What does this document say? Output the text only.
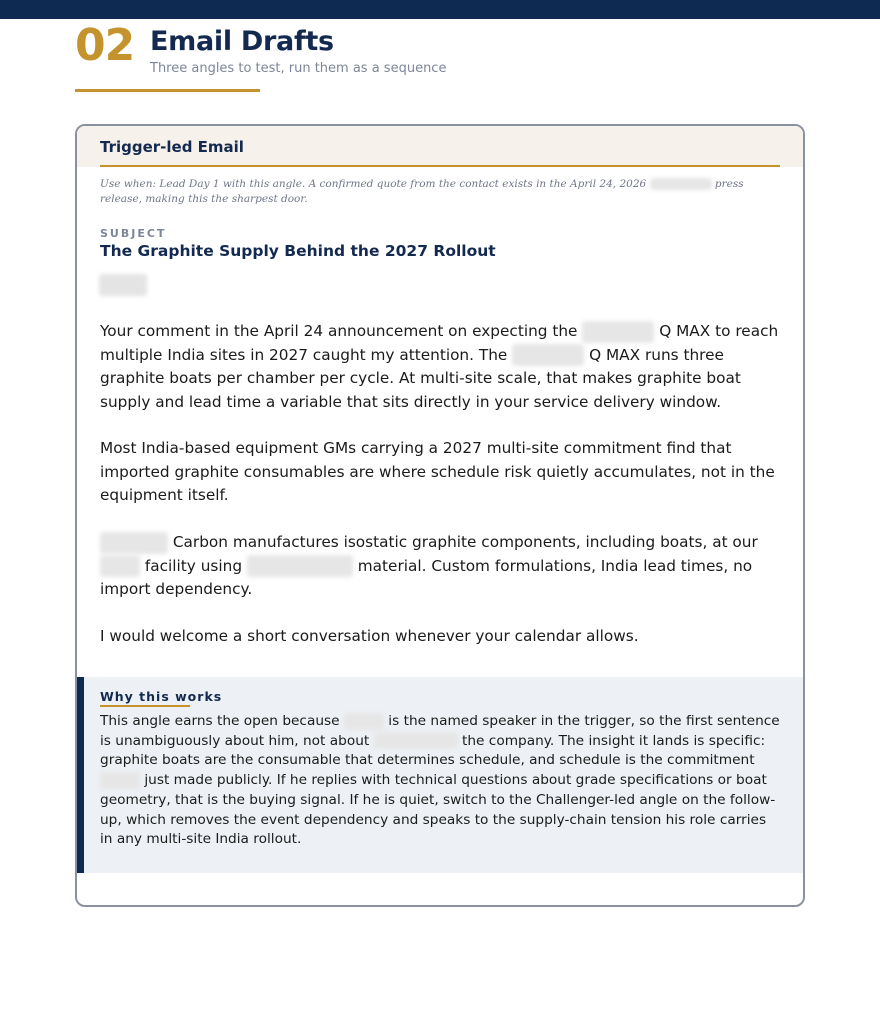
02 Email Drafts
Three angles to test, run them as a sequence
Trigger-led Email
Use when: Lead Day 1 with this angle. A confirmed quote from the contact exists in the April 24, 2026	press release, making this the sharpest door.
SUBJECT
The Graphite Supply Behind the 2027 Rollout
Your comment in the April 24 announcement on expecting the	Q MAX to reach multiple India sites in 2027 caught my attention. The	Q MAX runs three graphite boats per chamber per cycle. At multi-site scale, that makes graphite boat supply and lead time a variable that sits directly in your service delivery window.
Most India-based equipment GMs carrying a 2027 multi-site commitment find that imported graphite consumables are where schedule risk quietly accumulates, not in the equipment itself.
Carbon manufactures isostatic graphite components, including boats, at our  facility using	material. Custom formulations, India lead times, no import dependency.
I would welcome a short conversation whenever your calendar allows.
Why this works
This angle earns the open because	is the named speaker in the trigger, so the first sentence is unambiguously about him, not about	the company. The insight it lands is specific: graphite boats are the consumable that determines schedule, and schedule is the commitment  just made publicly. If he replies with technical questions about grade specifications or boat geometry, that is the buying signal. If he is quiet, switch to the Challenger-led angle on the follow-up, which removes the event dependency and speaks to the supply-chain tension his role carries in any multi-site India rollout.
